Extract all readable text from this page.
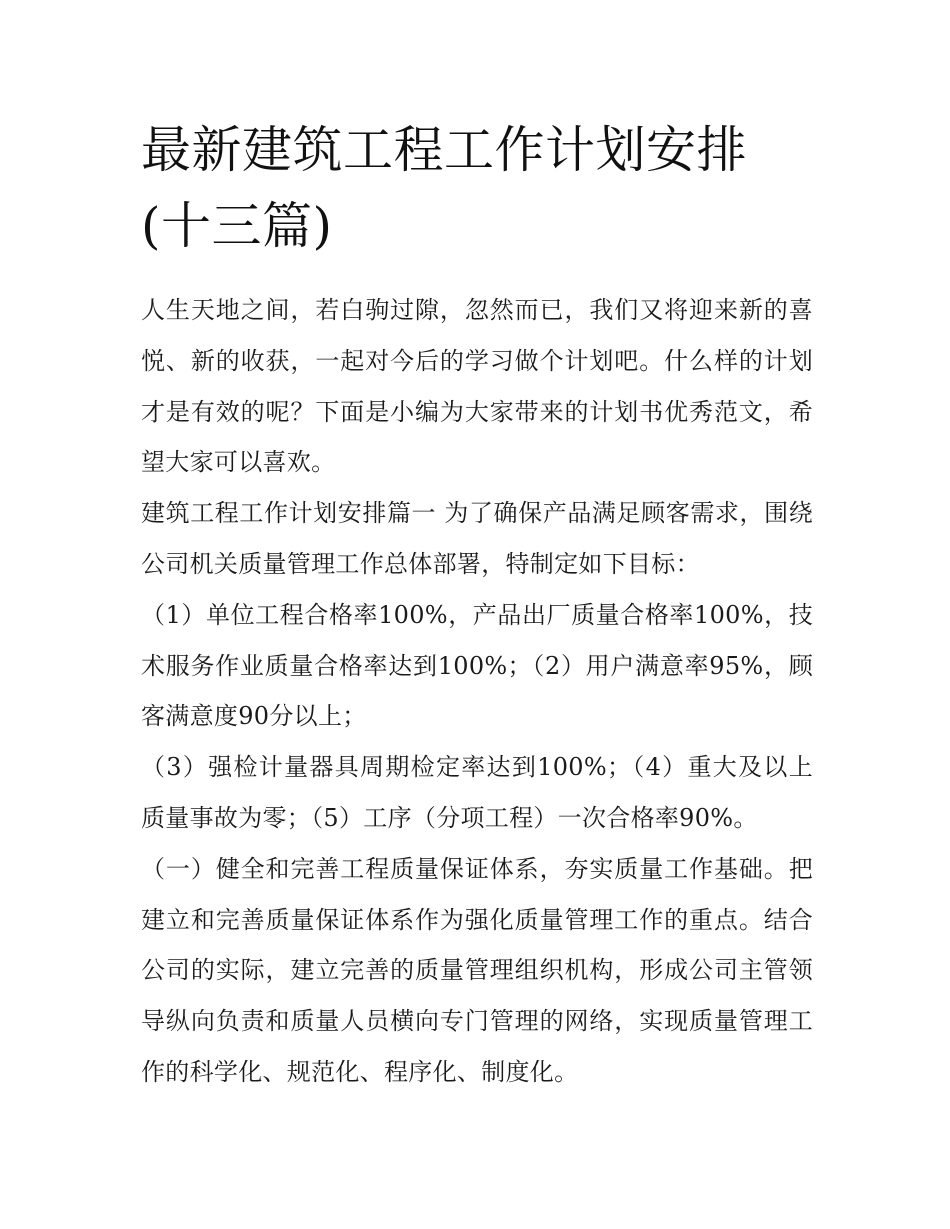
最新建筑工程工作计划安排(十三篇)

人生天地之间，若白驹过隙，忽然而已，我们又将迎来新的喜悦、新的收获，一起对今后的学习做个计划吧。什么样的计划才是有效的呢？下面是小编为大家带来的计划书优秀范文，希望大家可以喜欢。

建筑工程工作计划安排篇一 为了确保产品满足顾客需求，围绕公司机关质量管理工作总体部署，特制定如下目标：

（1）单位工程合格率100%，产品出厂质量合格率100%，技术服务作业质量合格率达到100%；（2）用户满意率95%，顾客满意度90分以上；

（3）强检计量器具周期检定率达到100%；（4）重大及以上质量事故为零；（5）工序（分项工程）一次合格率90%。

（一）健全和完善工程质量保证体系，夯实质量工作基础。把建立和完善质量保证体系作为强化质量管理工作的重点。结合公司的实际，建立完善的质量管理组织机构，形成公司主管领导纵向负责和质量人员横向专门管理的网络，实现质量管理工作的科学化、规范化、程序化、制度化。
